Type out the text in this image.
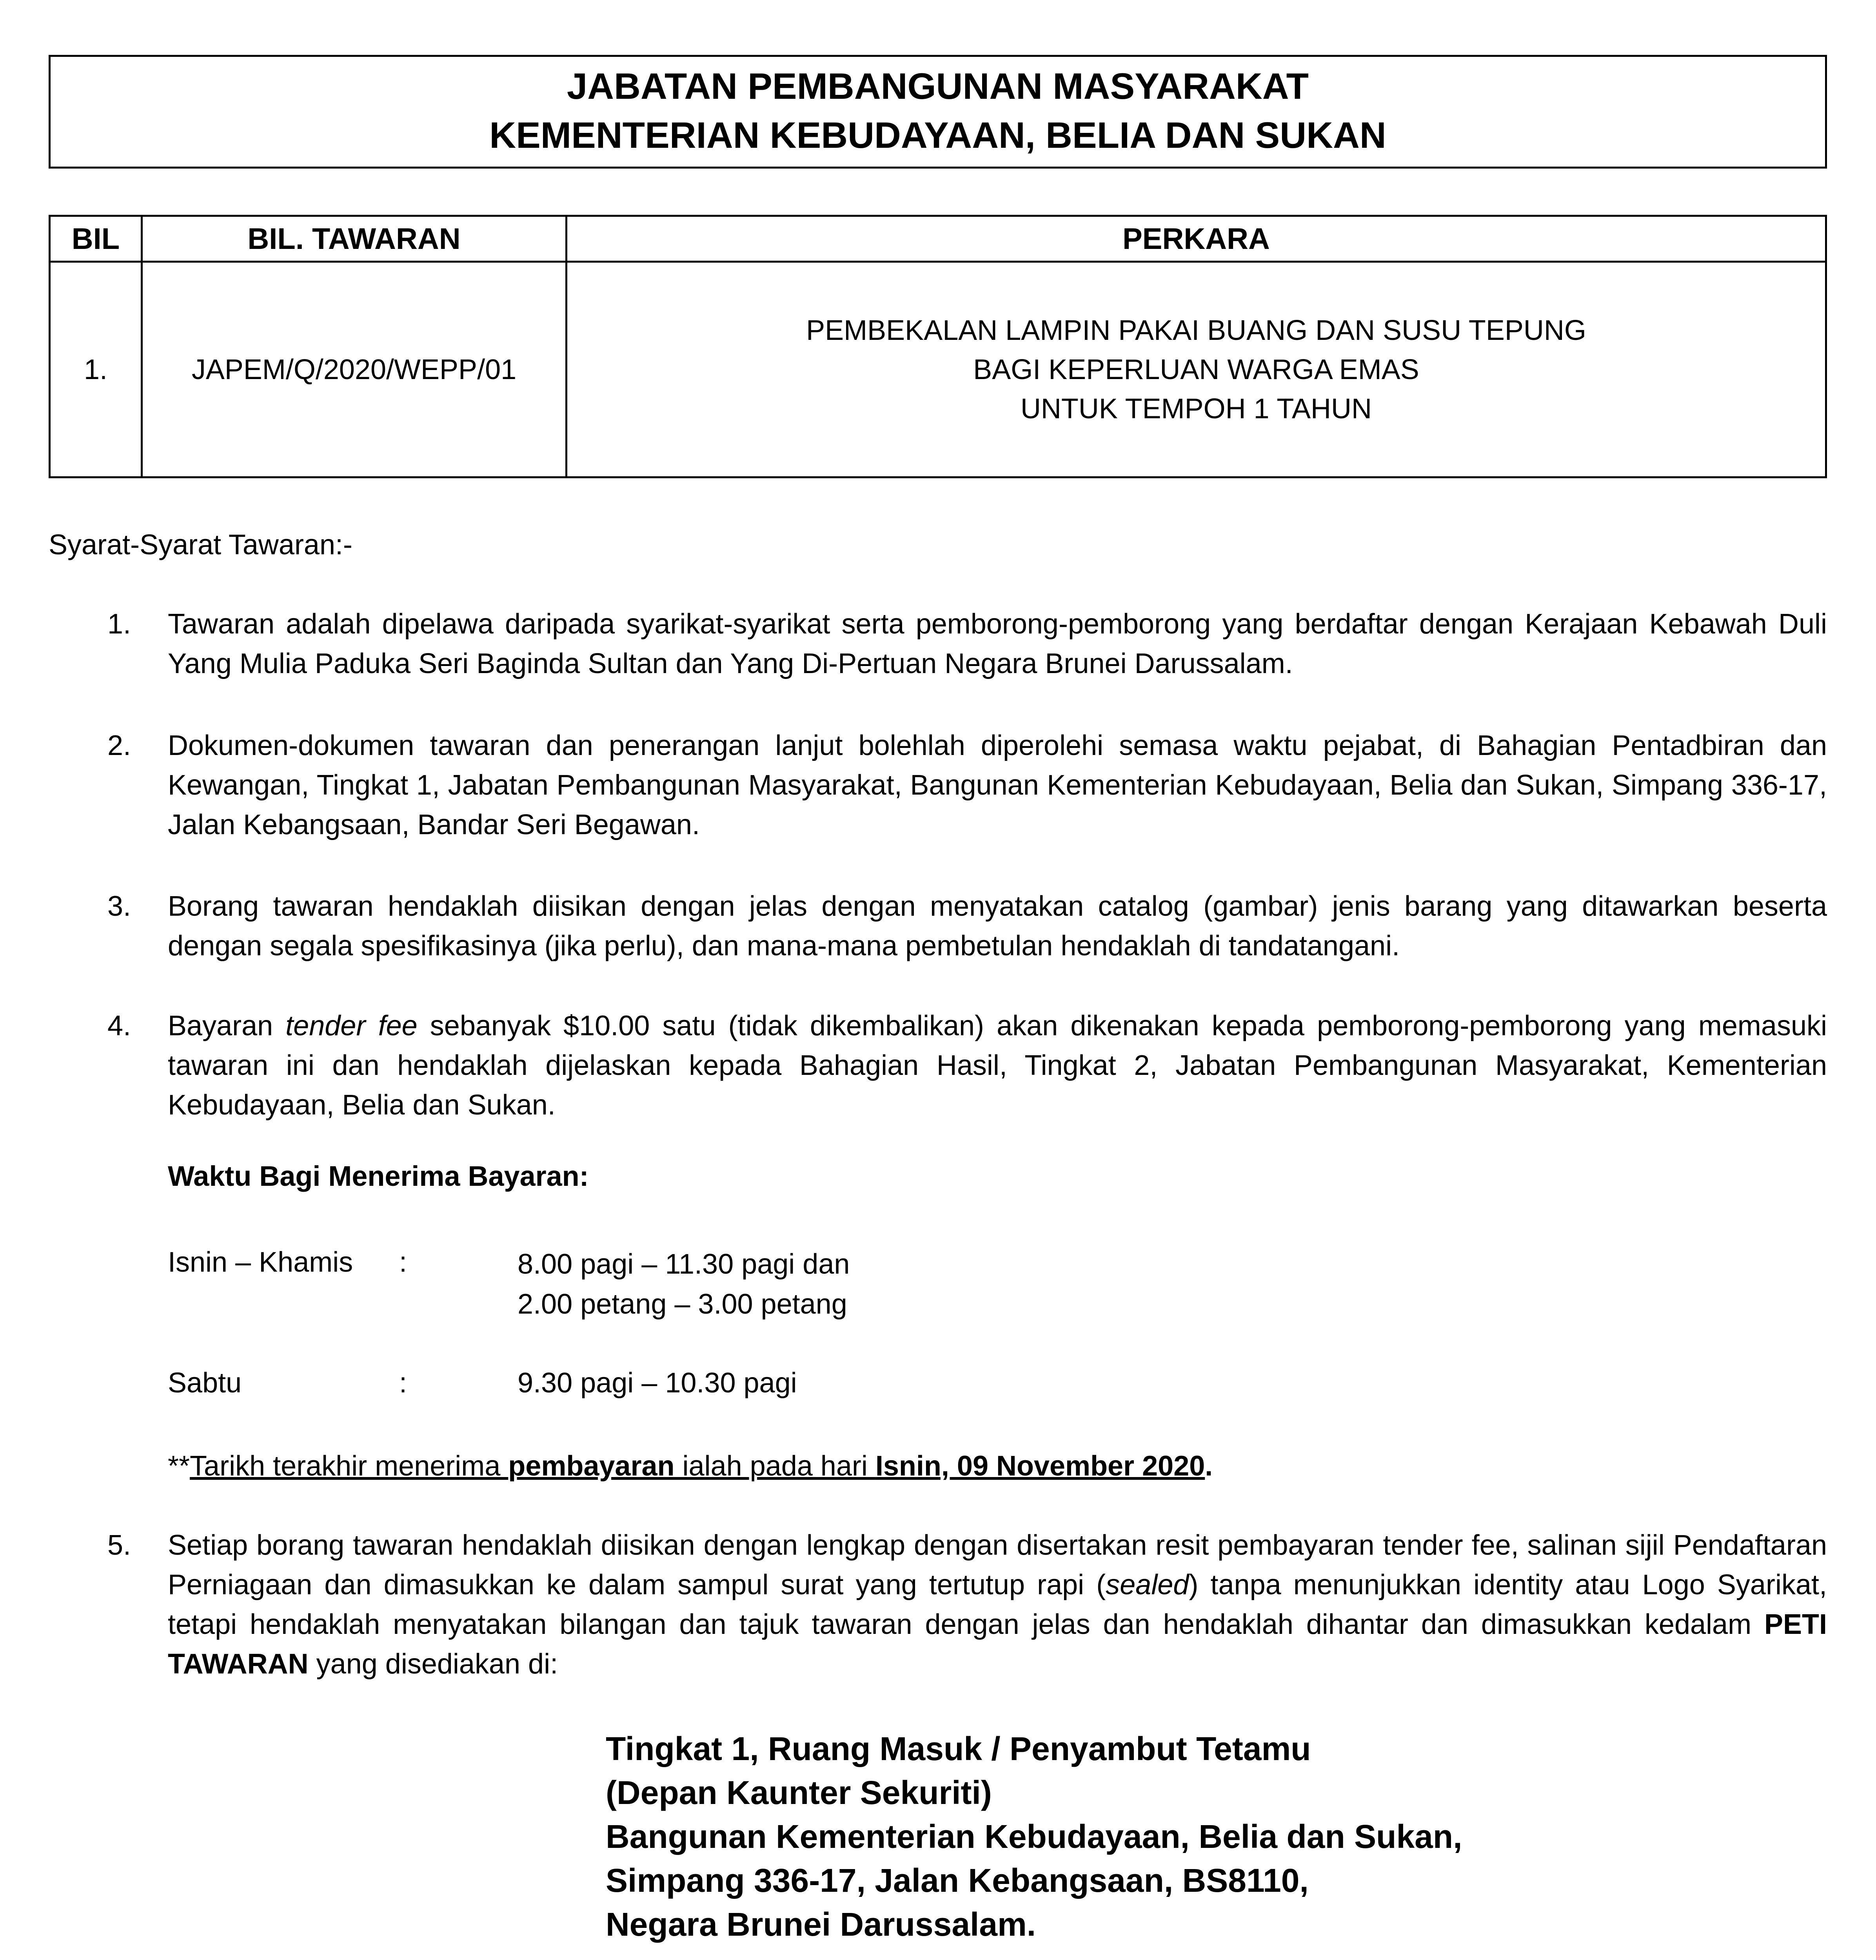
JABATAN PEMBANGUNAN MASYARAKAT
KEMENTERIAN KEBUDAYAAN, BELIA DAN SUKAN
BIL	BIL. TAWARAN	PERKARA
1.	JAPEM/Q/2020/WEPP/01	PEMBEKALAN LAMPIN PAKAI BUANG DAN SUSU TEPUNG
BAGI KEPERLUAN WARGA EMAS
UNTUK TEMPOH 1 TAHUN
Syarat-Syarat Tawaran:-
1. Tawaran adalah dipelawa daripada syarikat-syarikat serta pemborong-pemborong yang berdaftar dengan Kerajaan Kebawah Duli Yang Mulia Paduka Seri Baginda Sultan dan Yang Di-Pertuan Negara Brunei Darussalam.
2. Dokumen-dokumen tawaran dan penerangan lanjut bolehlah diperolehi semasa waktu pejabat, di Bahagian Pentadbiran dan Kewangan, Tingkat 1, Jabatan Pembangunan Masyarakat, Bangunan Kementerian Kebudayaan, Belia dan Sukan, Simpang 336-17, Jalan Kebangsaan, Bandar Seri Begawan.
3. Borang tawaran hendaklah diisikan dengan jelas dengan menyatakan catalog (gambar) jenis barang yang ditawarkan beserta dengan segala spesifikasinya (jika perlu), dan mana-mana pembetulan hendaklah di tandatangani.
4. Bayaran tender fee sebanyak $10.00 satu (tidak dikembalikan) akan dikenakan kepada pemborong-pemborong yang memasuki tawaran ini dan hendaklah dijelaskan kepada Bahagian Hasil, Tingkat 2, Jabatan Pembangunan Masyarakat, Kementerian Kebudayaan, Belia dan Sukan.
Waktu Bagi Menerima Bayaran:
Isnin – Khamis :	8.00 pagi – 11.30 pagi dan
2.00 petang – 3.00 petang
Sabtu	:	9.30 pagi – 10.30 pagi
**Tarikh terakhir menerima pembayaran ialah pada hari Isnin, 09 November 2020.
5. Setiap borang tawaran hendaklah diisikan dengan lengkap dengan disertakan resit pembayaran tender fee, salinan sijil Pendaftaran Perniagaan dan dimasukkan ke dalam sampul surat yang tertutup rapi (sealed) tanpa menunjukkan identity atau Logo Syarikat, tetapi hendaklah menyatakan bilangan dan tajuk tawaran dengan jelas dan hendaklah dihantar dan dimasukkan kedalam PETI TAWARAN yang disediakan di:
Tingkat 1, Ruang Masuk / Penyambut Tetamu
(Depan Kaunter Sekuriti)
Bangunan Kementerian Kebudayaan, Belia dan Sukan,
Simpang 336-17, Jalan Kebangsaan, BS8110,
Negara Brunei Darussalam.
